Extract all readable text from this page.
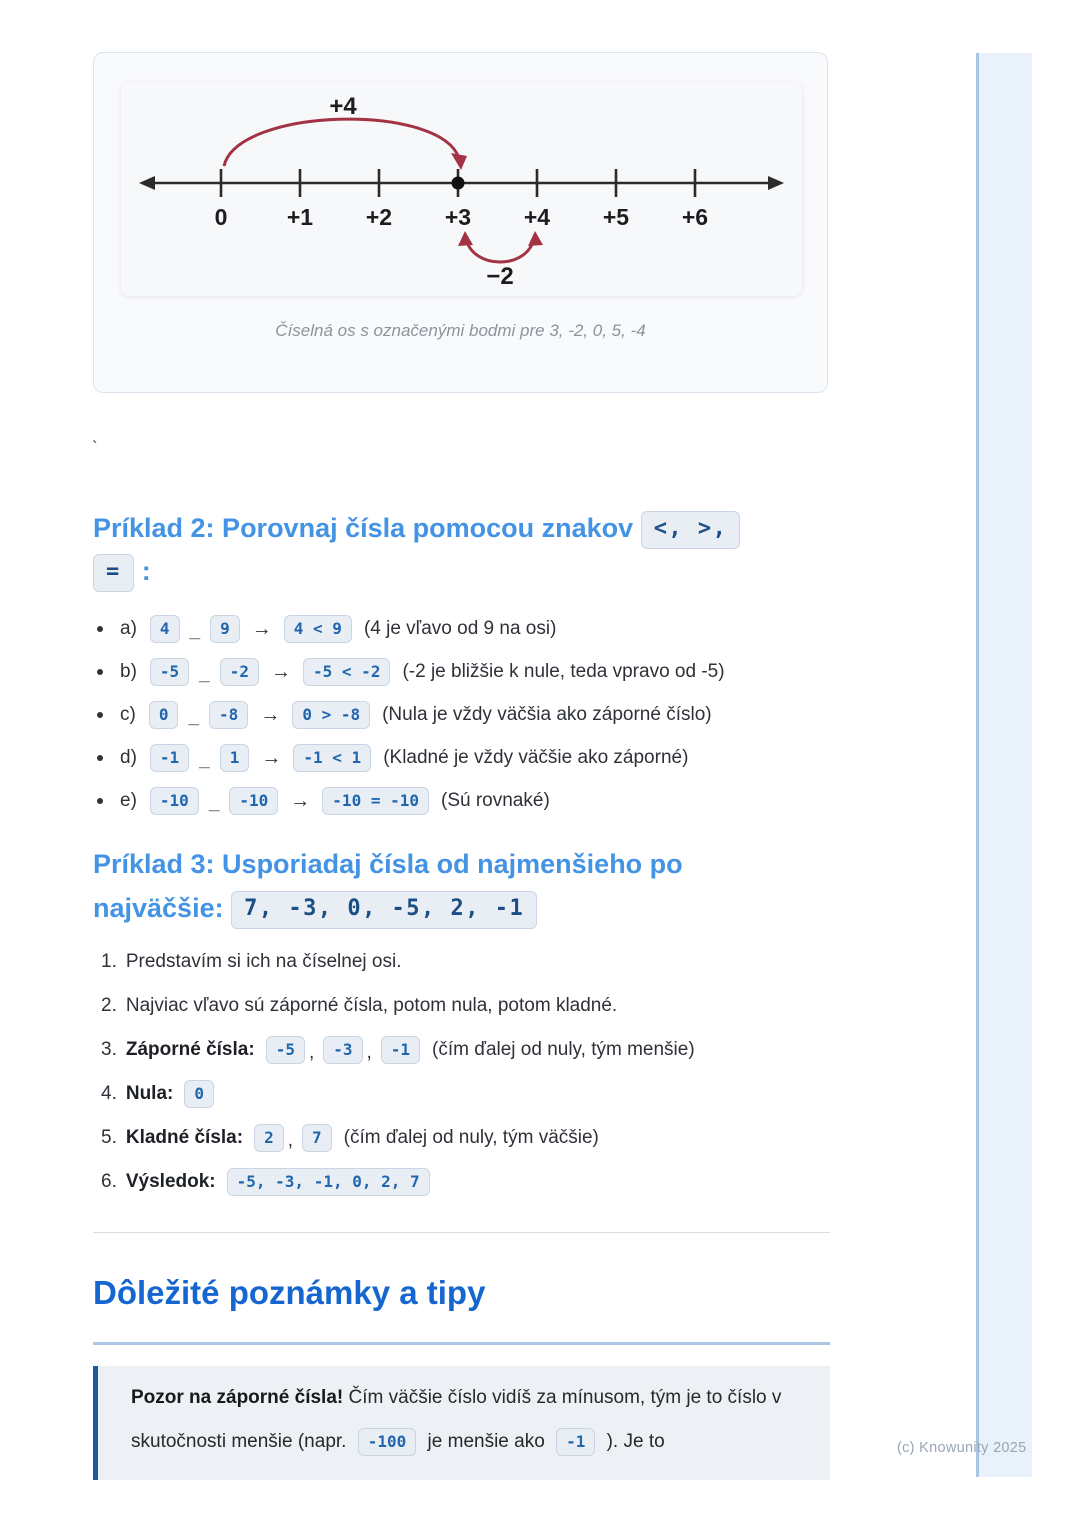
(c) Knowunity 2025
0	+1 +2 +3 +4 +5 +6
+4
−2
Číselná os s označenými bodmi pre 3, -2, 0, 5, -4
`
Príklad 2: Porovnaj čísla pomocou znakov <, >,
= :
a)	4	_	9	→	4 < 9	(4 je vľavo od 9 na osi)
b)	-5	_	-2	→	-5 < -2	(-2 je bližšie k nule, teda vpravo od -5)
c)	0	_	-8	→	0 > -8	(Nula je vždy väčšia ako záporné číslo)
d)	-1	_	1	→	-1 < 1	(Kladné je vždy väčšie ako záporné)
e)	-10	_	-10	→	-10 = -10	(Sú rovnaké)
Príklad 3: Usporiadaj čísla od najmenšieho po
najväčšie: 7, -3, 0, -5, 2, -1
1. Predstavím si ich na číselnej osi.
2. Najviac vľavo sú záporné čísla, potom nula, potom kladné.
3. Záporné čísla:	-5 ,	-3 ,	-1	(čím ďalej od nuly, tým menšie)
4. Nula:	0
5. Kladné čísla:	2 ,	7	(čím ďalej od nuly, tým väčšie)
6. Výsledok:	-5, -3, -1, 0, 2, 7
Dôležité poznámky a tipy
Pozor na záporné čísla! Čím väčšie číslo vidíš za mínusom, tým je to číslo v skutočnosti menšie (napr. -100 je menšie ako -1 ). Je to
